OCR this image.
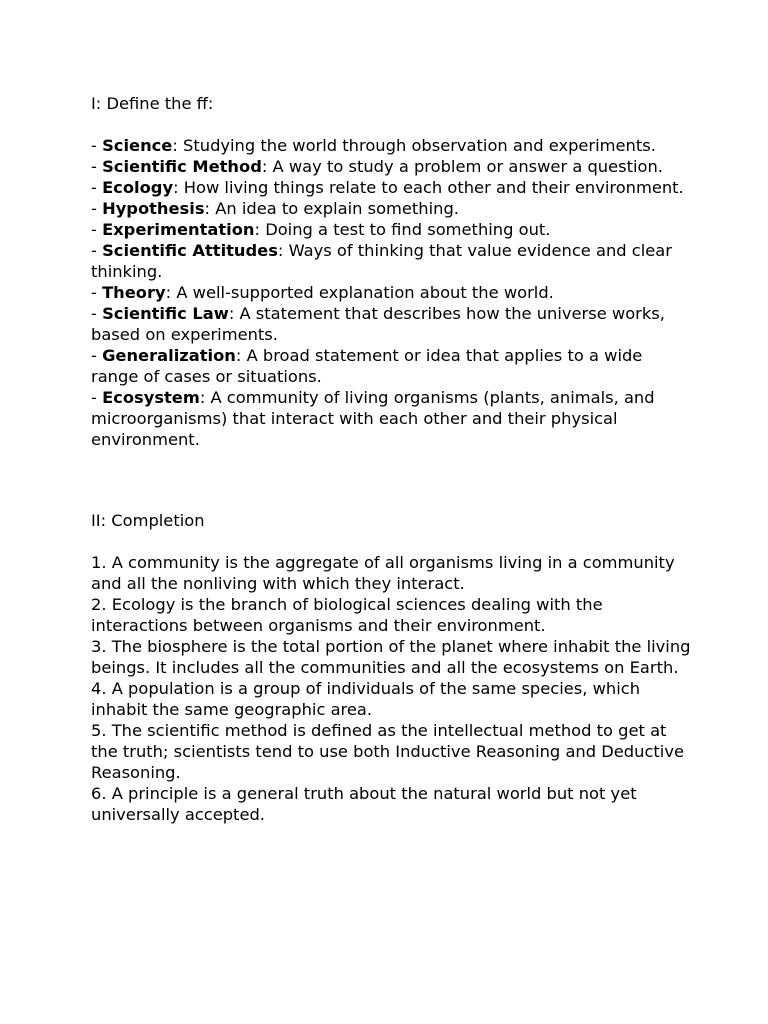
I: Define the ff:

- Science: Studying the world through observation and experiments.

- Scientific Method: A way to study a problem or answer a question.

- Ecology: How living things relate to each other and their environment.

- Hypothesis: An idea to explain something.

- Experimentation: Doing a test to find something out.

- Scientific Attitudes: Ways of thinking that value evidence and clear thinking.

- Theory: A well-supported explanation about the world.

- Scientific Law: A statement that describes how the universe works, based on experiments.

- Generalization: A broad statement or idea that applies to a wide range of cases or situations.

- Ecosystem: A community of living organisms (plants, animals, and microorganisms) that interact with each other and their physical environment.

II: Completion

1. A community is the aggregate of all organisms living in a community and all the nonliving with which they interact.

2. Ecology is the branch of biological sciences dealing with the interactions between organisms and their environment.

3. The biosphere is the total portion of the planet where inhabit the living beings. It includes all the communities and all the ecosystems on Earth.

4. A population is a group of individuals of the same species, which inhabit the same geographic area.

5. The scientific method is defined as the intellectual method to get at the truth; scientists tend to use both Inductive Reasoning and Deductive Reasoning.

6. A principle is a general truth about the natural world but not yet universally accepted.
